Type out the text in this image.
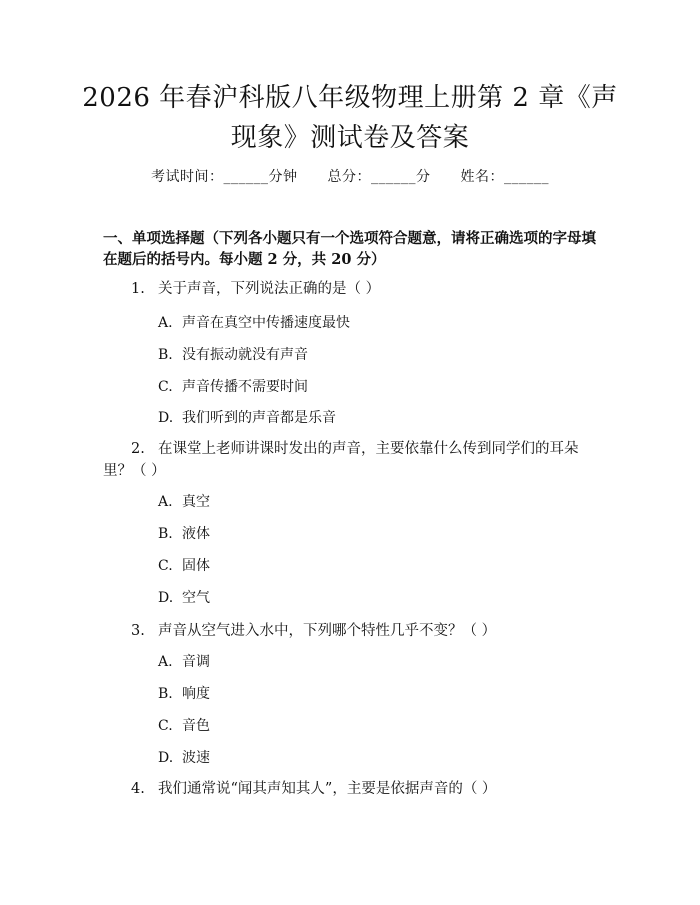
2026 年春沪科版八年级物理上册第 2 章《声
现象》测试卷及答案
考试时间：______分钟 总分：______分 姓名：______

一、单项选择题（下列各小题只有一个选项符合题意，请将正确选项的字母填在题后的括号内。每小题 2 分，共 20 分）

1. 关于声音，下列说法正确的是（ ）
A. 声音在真空中传播速度最快
B. 没有振动就没有声音
C. 声音传播不需要时间
D. 我们听到的声音都是乐音
2. 在课堂上老师讲课时发出的声音，主要依靠什么传到同学们的耳朵里？（ ）
A. 真空
B. 液体
C. 固体
D. 空气
3. 声音从空气进入水中，下列哪个特性几乎不变？（ ）
A. 音调
B. 响度
C. 音色
D. 波速
4. 我们通常说“闻其声知其人”，主要是依据声音的（ ）
